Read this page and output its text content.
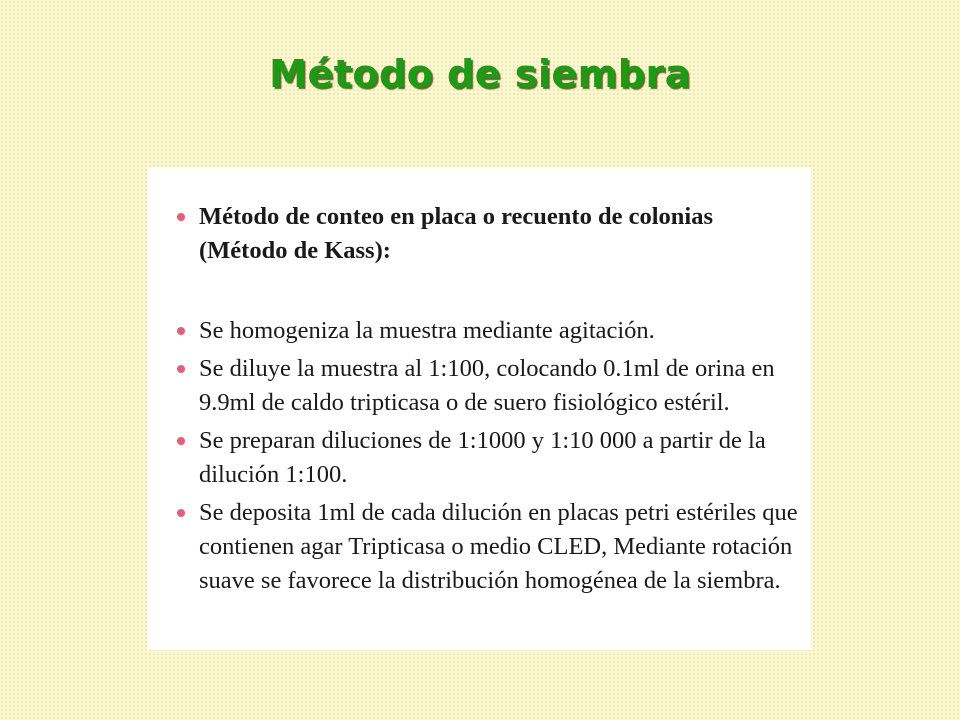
Método de siembra
Método de conteo en placa o recuento de colonias (Método de Kass):
Se homogeniza la muestra mediante agitación.
Se diluye la muestra al 1:100, colocando 0.1ml de orina en 9.9ml de caldo tripticasa o de suero fisiológico estéril.
Se preparan diluciones de 1:1000 y 1:10 000 a partir de la dilución 1:100.
Se deposita 1ml de cada dilución en placas petri estériles que contienen agar Tripticasa o medio CLED, Mediante rotación suave se favorece la distribución homogénea de la siembra.
